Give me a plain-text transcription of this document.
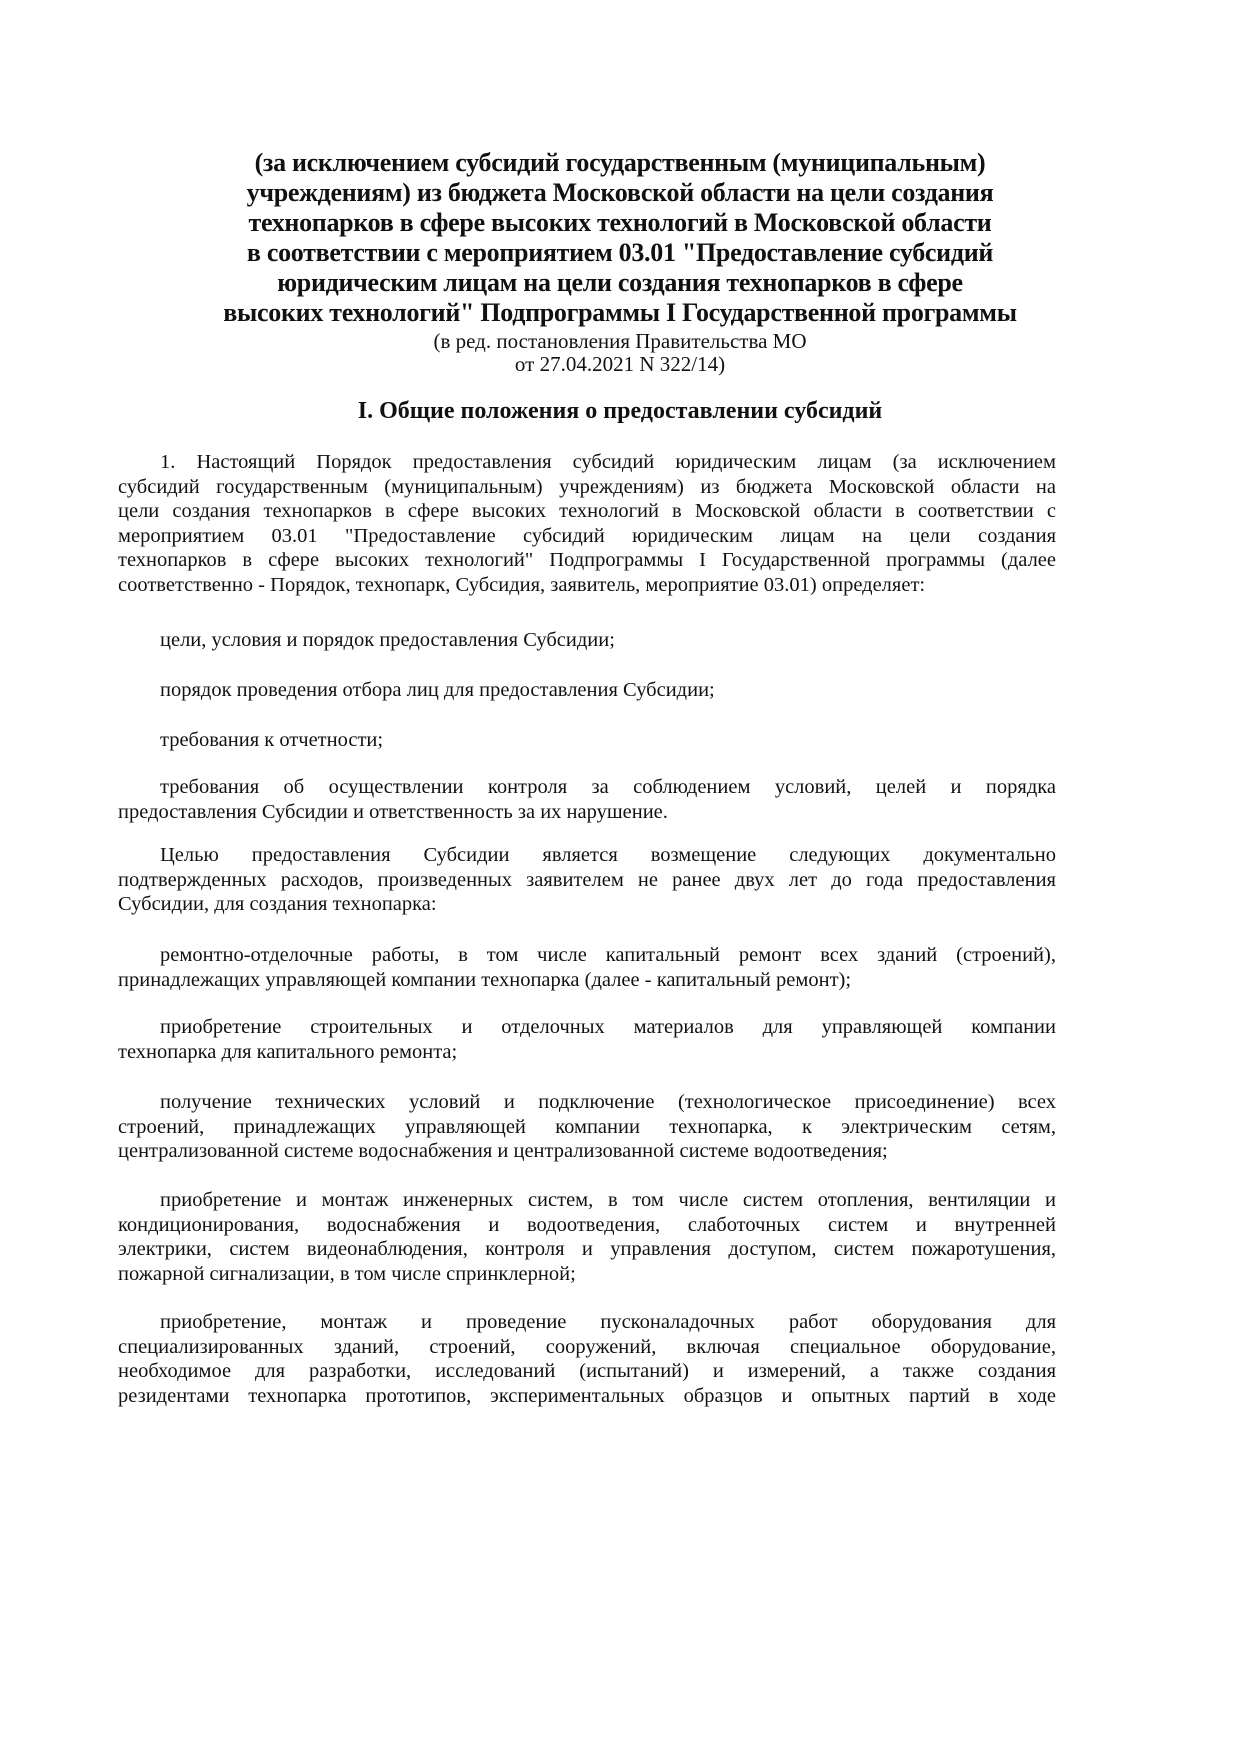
(за исключением субсидий государственным (муниципальным)
учреждениям) из бюджета Московской области на цели создания
технопарков в сфере высоких технологий в Московской области
в соответствии с мероприятием 03.01 "Предоставление субсидий
юридическим лицам на цели создания технопарков в сфере
высоких технологий" Подпрограммы I Государственной программы
(в ред. постановления Правительства МО
от 27.04.2021 N 322/14)
I. Общие положения о предоставлении субсидий
1. Настоящий Порядок предоставления субсидий юридическим лицам (за исключением
субсидий государственным (муниципальным) учреждениям) из бюджета Московской области на
цели создания технопарков в сфере высоких технологий в Московской области в соответствии с
мероприятием 03.01 "Предоставление субсидий юридическим лицам на цели создания
технопарков в сфере высоких технологий" Подпрограммы I Государственной программы (далее
соответственно - Порядок, технопарк, Субсидия, заявитель, мероприятие 03.01) определяет:
цели, условия и порядок предоставления Субсидии;
порядок проведения отбора лиц для предоставления Субсидии;
требования к отчетности;
требования об осуществлении контроля за соблюдением условий, целей и порядка
предоставления Субсидии и ответственность за их нарушение.
Целью предоставления Субсидии является возмещение следующих документально
подтвержденных расходов, произведенных заявителем не ранее двух лет до года предоставления
Субсидии, для создания технопарка:
ремонтно-отделочные работы, в том числе капитальный ремонт всех зданий (строений),
принадлежащих управляющей компании технопарка (далее - капитальный ремонт);
приобретение строительных и отделочных материалов для управляющей компании
технопарка для капитального ремонта;
получение технических условий и подключение (технологическое присоединение) всех
строений, принадлежащих управляющей компании технопарка, к электрическим сетям,
централизованной системе водоснабжения и централизованной системе водоотведения;
приобретение и монтаж инженерных систем, в том числе систем отопления, вентиляции и
кондиционирования, водоснабжения и водоотведения, слаботочных систем и внутренней
электрики, систем видеонаблюдения, контроля и управления доступом, систем пожаротушения,
пожарной сигнализации, в том числе спринклерной;
приобретение, монтаж и проведение пусконаладочных работ оборудования для
специализированных зданий, строений, сооружений, включая специальное оборудование,
необходимое для разработки, исследований (испытаний) и измерений, а также создания
резидентами технопарка прототипов, экспериментальных образцов и опытных партий в ходе
